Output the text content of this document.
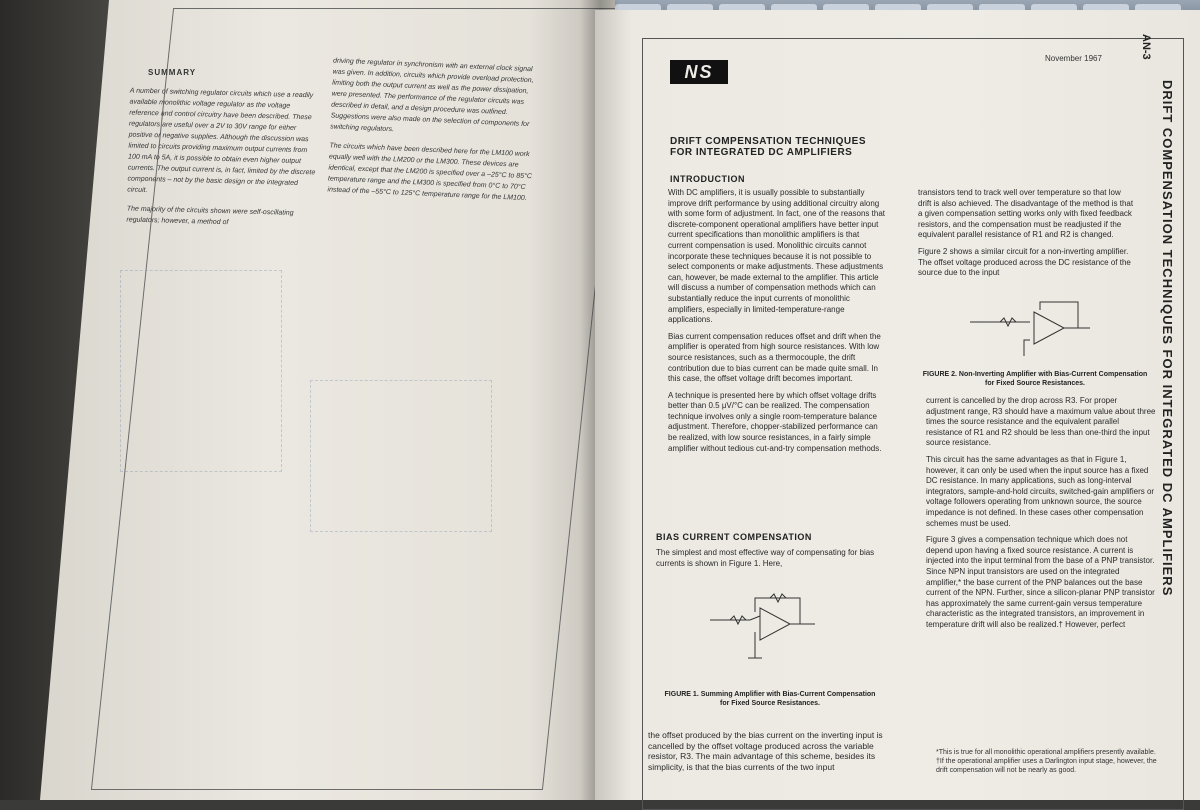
SUMMARY

A number of switching regulator circuits which use a readily available monolithic voltage regulator as the voltage reference and control circuitry have been described. These regulators are useful over a 2V to 30V range for either positive or negative supplies. Although the discussion was limited to circuits providing maximum output currents from 100 mA to 5A, it is possible to obtain even higher output currents. The output current is, in fact, limited by the discrete components – not by the basic design or the integrated circuit.

The majority of the circuits shown were self-oscillating regulators; however, a method of

driving the regulator in synchronism with an external clock signal was given. In addition, circuits which provide overload protection, limiting both the output current as well as the power dissipation, were presented. The performance of the regulator circuits was described in detail, and a design procedure was outlined. Suggestions were also made on the selection of components for switching regulators.

The circuits which have been described here for the LM100 work equally well with the LM200 or the LM300. These devices are identical, except that the LM200 is specified over a –25°C to 85°C temperature range and the LM300 is specified from 0°C to 70°C instead of the –55°C to 125°C temperature range for the LM100.

NS
November 1967	AN-3
DRIFT COMPENSATION TECHNIQUES FOR INTEGRATED DC AMPLIFIERS
DRIFT COMPENSATION TECHNIQUES
FOR INTEGRATED DC AMPLIFIERS
INTRODUCTION

With DC amplifiers, it is usually possible to substantially improve drift performance by using additional circuitry along with some form of adjustment. In fact, one of the reasons that discrete-component operational amplifiers have better input current specifications than monolithic amplifiers is that current compensation is used. Monolithic circuits cannot incorporate these techniques because it is not possible to select components or make adjustments. These adjustments can, however, be made external to the amplifier. This article will discuss a number of compensation methods which can substantially reduce the input currents of monolithic amplifiers, especially in limited-temperature-range applications.

Bias current compensation reduces offset and drift when the amplifier is operated from high source resistances. With low source resistances, such as a thermocouple, the drift contribution due to bias current can be made quite small. In this case, the offset voltage drift becomes important.

A technique is presented here by which offset voltage drifts better than 0.5 μV/°C can be realized. The compensation technique involves only a single room-temperature balance adjustment. Therefore, chopper-stabilized performance can be realized, with low source resistances, in a fairly simple amplifier without tedious cut-and-try compensation methods.

BIAS CURRENT COMPENSATION

The simplest and most effective way of compensating for bias currents is shown in Figure 1. Here,

FIGURE 1. Summing Amplifier with Bias-Current Compensation for Fixed Source Resistances.

the offset produced by the bias current on the inverting input is cancelled by the offset voltage produced across the variable resistor, R3. The main advantage of this scheme, besides its simplicity, is that the bias currents of the two input

transistors tend to track well over temperature so that low drift is also achieved. The disadvantage of the method is that a given compensation setting works only with fixed feedback resistors, and the compensation must be readjusted if the equivalent parallel resistance of R1 and R2 is changed.

Figure 2 shows a similar circuit for a non-inverting amplifier. The offset voltage produced across the DC resistance of the source due to the input

FIGURE 2. Non-Inverting Amplifier with Bias-Current Compensation for Fixed Source Resistances.

current is cancelled by the drop across R3. For proper adjustment range, R3 should have a maximum value about three times the source resistance and the equivalent parallel resistance of R1 and R2 should be less than one-third the input source resistance.

This circuit has the same advantages as that in Figure 1, however, it can only be used when the input source has a fixed DC resistance. In many applications, such as long-interval integrators, sample-and-hold circuits, switched-gain amplifiers or voltage followers operating from unknown source, the source impedance is not defined. In these cases other compensation schemes must be used.

Figure 3 gives a compensation technique which does not depend upon having a fixed source resistance. A current is injected into the input terminal from the base of a PNP transistor. Since NPN input transistors are used on the integrated amplifier,* the base current of the PNP balances out the base current of the NPN. Further, since a silicon-planar PNP transistor has approximately the same current-gain versus temperature characteristic as the integrated transistors, an improvement in temperature drift will also be realized.† However, perfect

*This is true for all monolithic operational amplifiers presently available.
†If the operational amplifier uses a Darlington input stage, however, the drift compensation will not be nearly as good.
